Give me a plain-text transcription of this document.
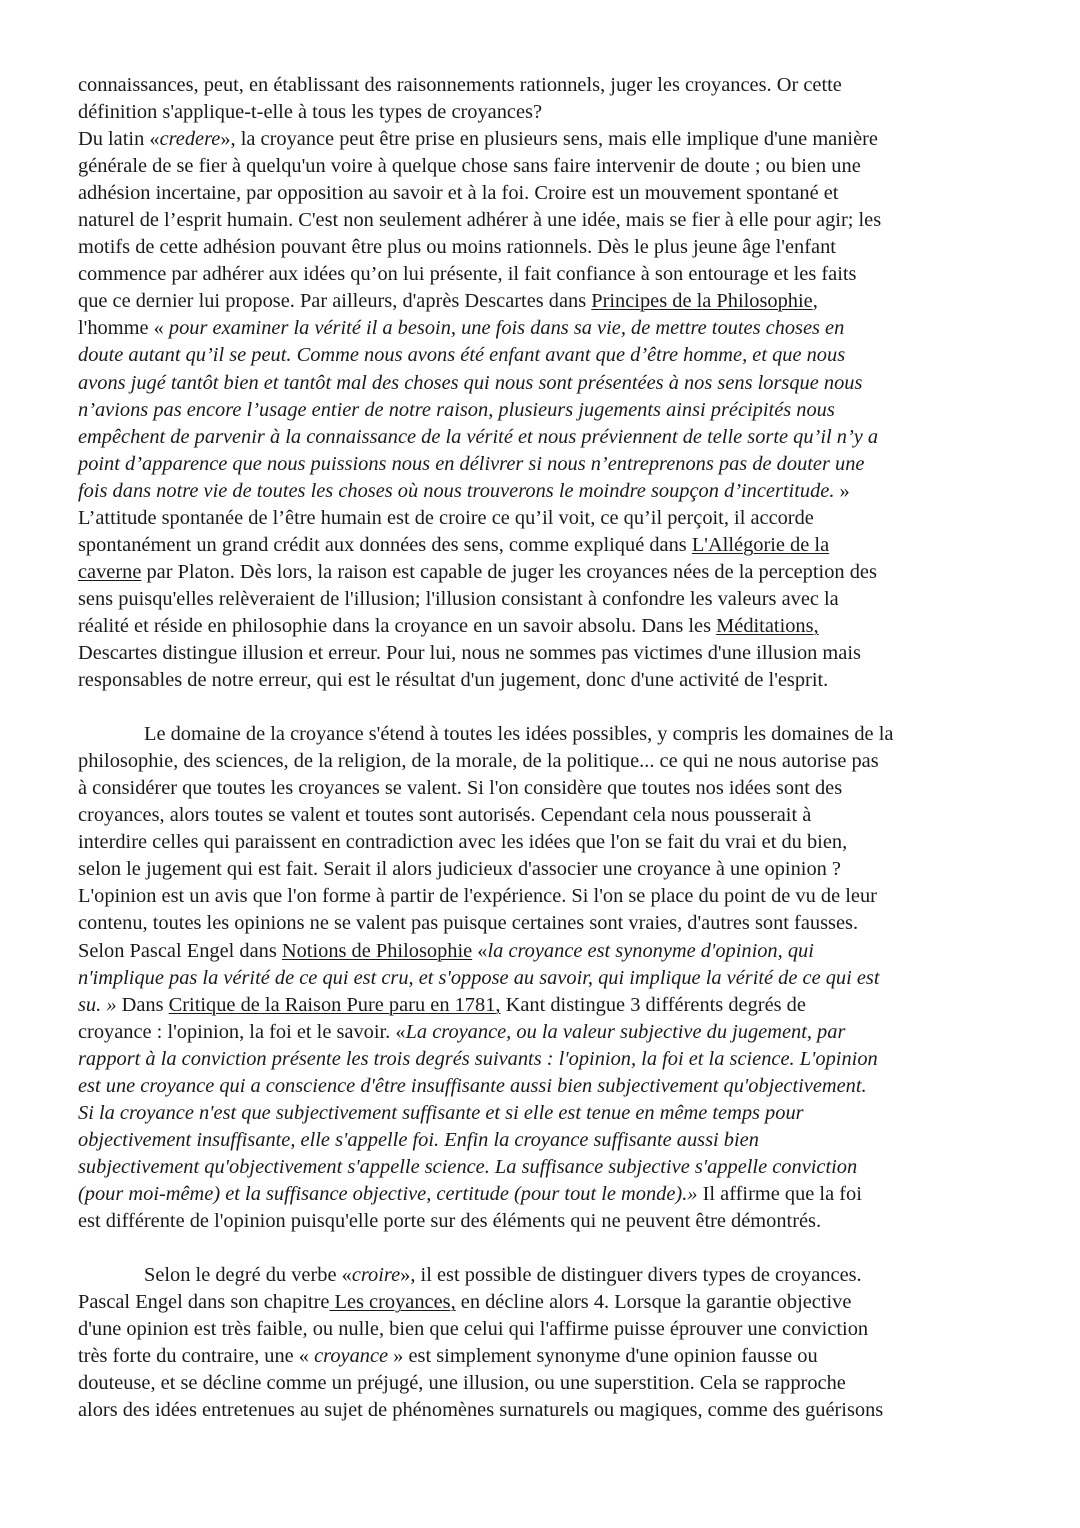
connaissances, peut, en établissant des raisonnements rationnels, juger les croyances. Or cette
définition s'applique-t-elle à tous les types de croyances?
Du latin «credere», la croyance peut être prise en plusieurs sens, mais elle implique d'une manière
générale de se fier à quelqu'un voire à quelque chose sans faire intervenir de doute ; ou bien une
adhésion incertaine, par opposition au savoir et à la foi. Croire est un mouvement spontané et
naturel de l’esprit humain. C'est non seulement adhérer à une idée, mais se fier à elle pour agir; les
motifs de cette adhésion pouvant être plus ou moins rationnels. Dès le plus jeune âge l'enfant
commence par adhérer aux idées qu’on lui présente, il fait confiance à son entourage et les faits
que ce dernier lui propose. Par ailleurs, d'après Descartes dans Principes de la Philosophie,
l'homme « pour examiner la vérité il a besoin, une fois dans sa vie, de mettre toutes choses en
doute autant qu’il se peut. Comme nous avons été enfant avant que d’être homme, et que nous
avons jugé tantôt bien et tantôt mal des choses qui nous sont présentées à nos sens lorsque nous
n’avions pas encore l’usage entier de notre raison, plusieurs jugements ainsi précipités nous
empêchent de parvenir à la connaissance de la vérité et nous préviennent de telle sorte qu’il n’y a
point d’apparence que nous puissions nous en délivrer si nous n’entreprenons pas de douter une
fois dans notre vie de toutes les choses où nous trouverons le moindre soupçon d’incertitude. »
L’attitude spontanée de l’être humain est de croire ce qu’il voit, ce qu’il perçoit, il accorde
spontanément un grand crédit aux données des sens, comme expliqué dans L'Allégorie de la
caverne par Platon. Dès lors, la raison est capable de juger les croyances nées de la perception des
sens puisqu'elles relèveraient de l'illusion; l'illusion consistant à confondre les valeurs avec la
réalité et réside en philosophie dans la croyance en un savoir absolu. Dans les Méditations,
Descartes distingue illusion et erreur. Pour lui, nous ne sommes pas victimes d'une illusion mais
responsables de notre erreur, qui est le résultat d'un jugement, donc d'une activité de l'esprit.
Le domaine de la croyance s'étend à toutes les idées possibles, y compris les domaines de la
philosophie, des sciences, de la religion, de la morale, de la politique... ce qui ne nous autorise pas
à considérer que toutes les croyances se valent. Si l'on considère que toutes nos idées sont des
croyances, alors toutes se valent et toutes sont autorisés. Cependant cela nous pousserait à
interdire celles qui paraissent en contradiction avec les idées que l'on se fait du vrai et du bien,
selon le jugement qui est fait. Serait il alors judicieux d'associer une croyance à une opinion ?
L'opinion est un avis que l'on forme à partir de l'expérience. Si l'on se place du point de vu de leur
contenu, toutes les opinions ne se valent pas puisque certaines sont vraies, d'autres sont fausses.
Selon Pascal Engel dans Notions de Philosophie «la croyance est synonyme d'opinion, qui
n'implique pas la vérité de ce qui est cru, et s'oppose au savoir, qui implique la vérité de ce qui est
su. » Dans Critique de la Raison Pure paru en 1781, Kant distingue 3 différents degrés de
croyance : l'opinion, la foi et le savoir. «La croyance, ou la valeur subjective du jugement, par
rapport à la conviction présente les trois degrés suivants : l'opinion, la foi et la science. L'opinion
est une croyance qui a conscience d'être insuffisante aussi bien subjectivement qu'objectivement.
Si la croyance n'est que subjectivement suffisante et si elle est tenue en même temps pour
objectivement insuffisante, elle s'appelle foi. Enfin la croyance suffisante aussi bien
subjectivement qu'objectivement s'appelle science. La suffisance subjective s'appelle conviction
(pour moi-même) et la suffisance objective, certitude (pour tout le monde).» Il affirme que la foi
est différente de l'opinion puisqu'elle porte sur des éléments qui ne peuvent être démontrés.
Selon le degré du verbe «croire», il est possible de distinguer divers types de croyances.
Pascal Engel dans son chapitre Les croyances, en décline alors 4. Lorsque la garantie objective
d'une opinion est très faible, ou nulle, bien que celui qui l'affirme puisse éprouver une conviction
très forte du contraire, une « croyance » est simplement synonyme d'une opinion fausse ou
douteuse, et se décline comme un préjugé, une illusion, ou une superstition. Cela se rapproche
alors des idées entretenues au sujet de phénomènes surnaturels ou magiques, comme des guérisons
